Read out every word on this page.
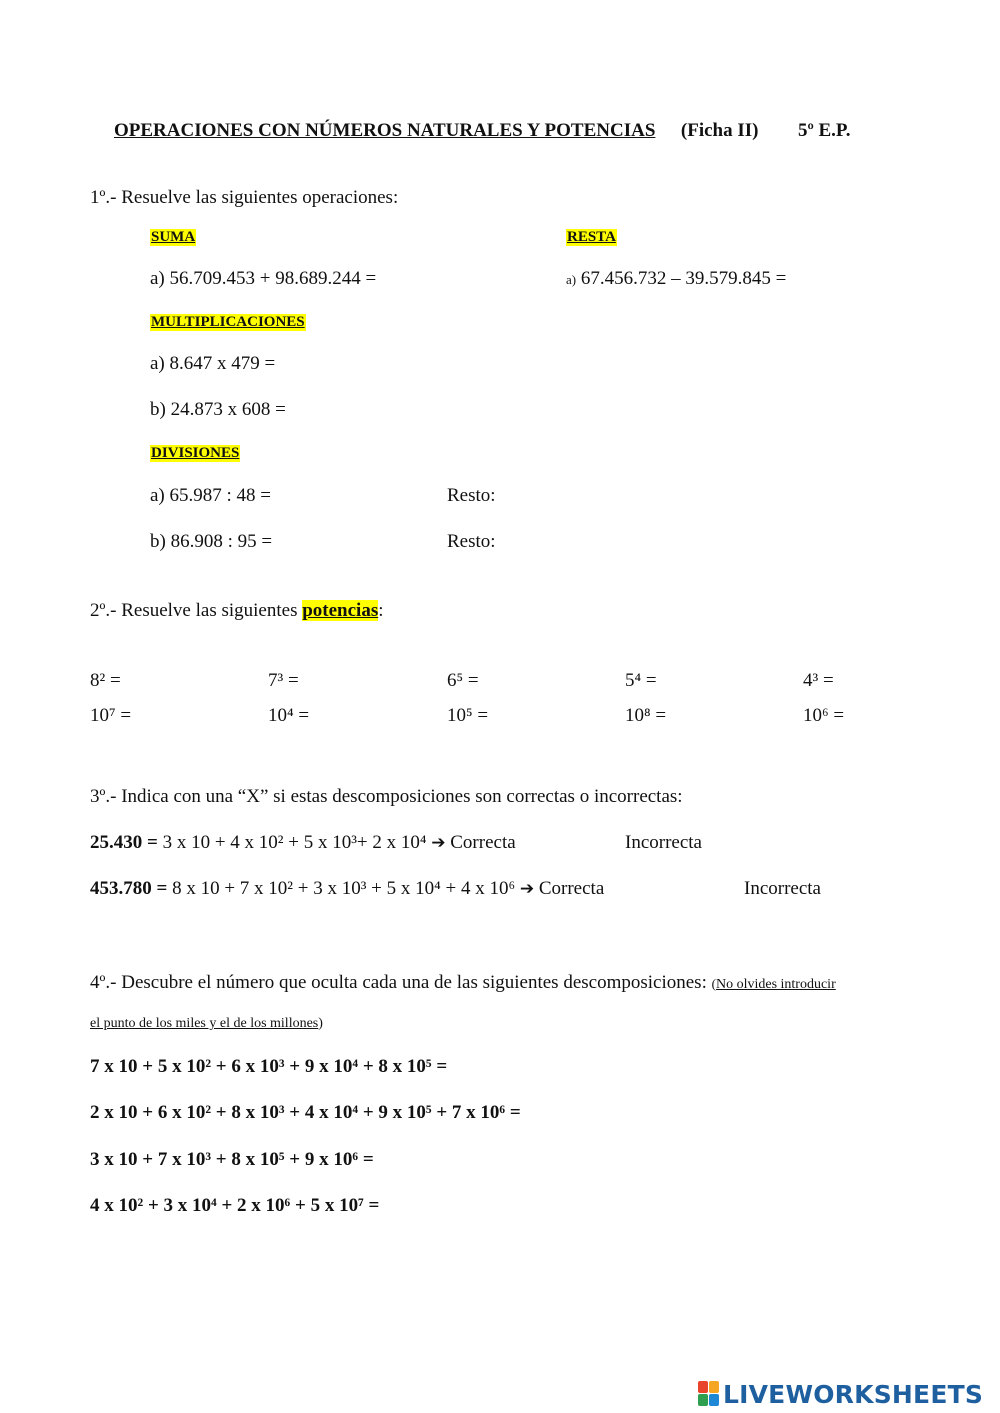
OPERACIONES CON NÚMEROS NATURALES Y POTENCIAS (Ficha II) 5º E.P.
1º.- Resuelve las siguientes operaciones:
SUMA	RESTA
a) 56.709.453 + 98.689.244 =	a) 67.456.732 – 39.579.845 =
MULTIPLICACIONES
a) 8.647 x 479 =
b) 24.873 x 608 =
DIVISIONES
a) 65.987 : 48 =	Resto:
b) 86.908 : 95 =	Resto:
2º.- Resuelve las siguientes potencias:
8² =	7³ =	6⁵ =	5⁴ =	4³ =
10⁷ =	10⁴ =	10⁵ =	10⁸ =	10⁶ =
3º.- Indica con una “X” si estas descomposiciones son correctas o incorrectas:
25.430 = 3 x 10 + 4 x 10² + 5 x 10³+ 2 x 10⁴ ➔ Correcta	Incorrecta
453.780 = 8 x 10 + 7 x 10² + 3 x 10³ + 5 x 10⁴ + 4 x 10⁶ ➔ Correcta	Incorrecta
4º.- Descubre el número que oculta cada una de las siguientes descomposiciones: (No olvides introducir
el punto de los miles y el de los millones)
7 x 10 + 5 x 10² + 6 x 10³ + 9 x 10⁴ + 8 x 10⁵ =
2 x 10 + 6 x 10² + 8 x 10³ + 4 x 10⁴ + 9 x 10⁵ + 7 x 10⁶ =
3 x 10 + 7 x 10³ + 8 x 10⁵ + 9 x 10⁶ =
4 x 10² + 3 x 10⁴ + 2 x 10⁶ + 5 x 10⁷ =
LIVEWORKSHEETS
